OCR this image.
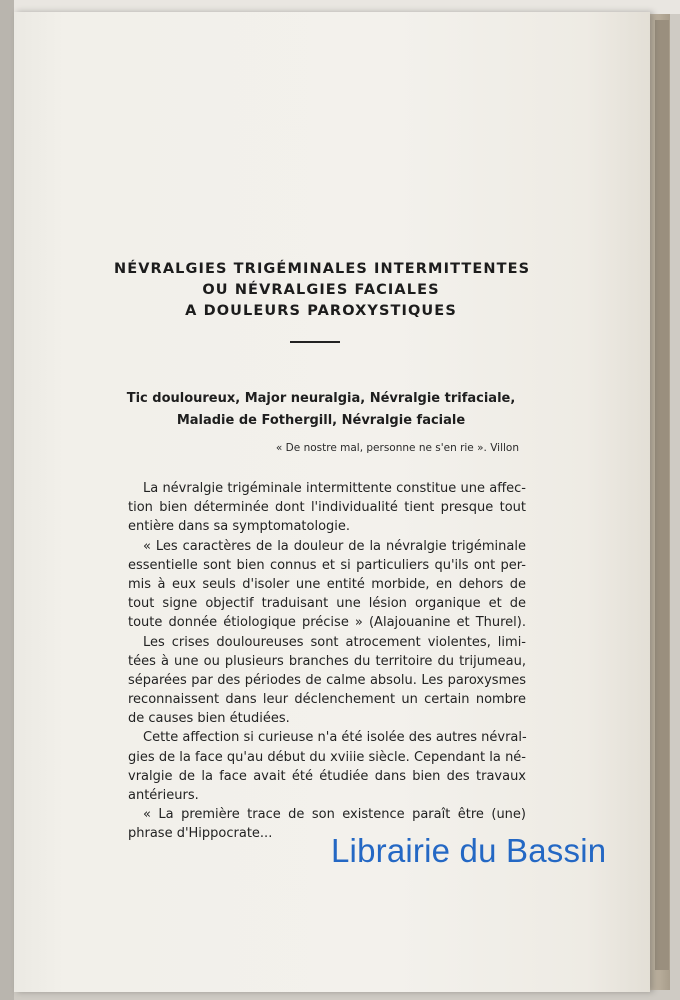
NÉVRALGIES TRIGÉMINALES INTERMITTENTES
OU NÉVRALGIES FACIALES
A DOULEURS PAROXYSTIQUES
Tic douloureux, Major neuralgia, Névralgie trifaciale,
Maladie de Fothergill, Névralgie faciale
« De nostre mal, personne ne s'en rie ». Villon
La névralgie trigéminale intermittente constitue une affec-
tion bien déterminée dont l'individualité tient presque tout
entière dans sa symptomatologie.
« Les caractères de la douleur de la névralgie trigéminale
essentielle sont bien connus et si particuliers qu'ils ont per-
mis à eux seuls d'isoler une entité morbide, en dehors de
tout signe objectif traduisant une lésion organique et de
toute donnée étiologique précise » (Alajouanine et Thurel).
Les crises douloureuses sont atrocement violentes, limi-
tées à une ou plusieurs branches du territoire du trijumeau,
séparées par des périodes de calme absolu. Les paroxysmes
reconnaissent dans leur déclenchement un certain nombre
de causes bien étudiées.
Cette affection si curieuse n'a été isolée des autres névral-
gies de la face qu'au début du xviiie siècle. Cependant la né-
vralgie de la face avait été étudiée dans bien des travaux
antérieurs.
« La première trace de son existence paraît être (une)
phrase d'Hippocrate...	Librairie du Bassin
